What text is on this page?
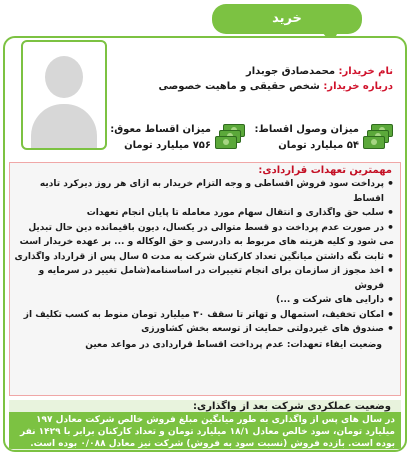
خرید
نام خریدار: محمدصادق جوبدار
درباره خریدار: شخص حقیقی و ماهیت خصوصی
میزان وصول اقساط:
۵۴ میلیارد تومان
میزان اقساط معوق:
۷۵۶ میلیارد تومان
مهمترین تعهدات قراردادی:
• پرداخت سود فروش اقساطی و وجه التزام خریدار به ازای هر روز دیرکرد تادیه اقساط
• سلب حق واگذاری و انتقال سهام مورد معامله تا پایان انجام تعهدات
• در صورت عدم پرداخت دو قسط متوالی در یکسال، دیون باقیمانده دین حال تبدیل
می شود و کلیه هزینه های مربوط به دادرسی و حق الوکاله و ... بر عهده خریدار است
• ثابت نگه داشتن میانگین تعداد کارکنان شرکت به مدت ۵ سال پس از قرارداد واگذاری
• اخذ مجوز از سازمان برای انجام تغییرات در اساسنامه(شامل تغییر در سرمایه و فروش
• دارایی های شرکت و ...)
• امکان تخفیف، استمهال و تهاتر تا سقف ۳۰ میلیارد تومان منوط به کسب تکلیف از
• صندوق های غیردولتی حمایت از توسعه بخش کشاورزی
وضعیت ایفاء تعهدات: عدم پرداخت اقساط قراردادی در مواعد معین
وضعیت عملکردی شرکت بعد از واگذاری:
در سال های پس از واگذاری به طور میانگین مبلغ فروش خالص شرکت معادل ۱۹۷ میلیارد تومان، سود خالص معادل ۱۸/۱ میلیارد تومان و تعداد کارکنان برابر با ۱۴۲۹ نفر بوده است. بازده فروش (نسبت سود به فروش) شرکت نیز معادل ۰/۰۸۸ بوده است.
